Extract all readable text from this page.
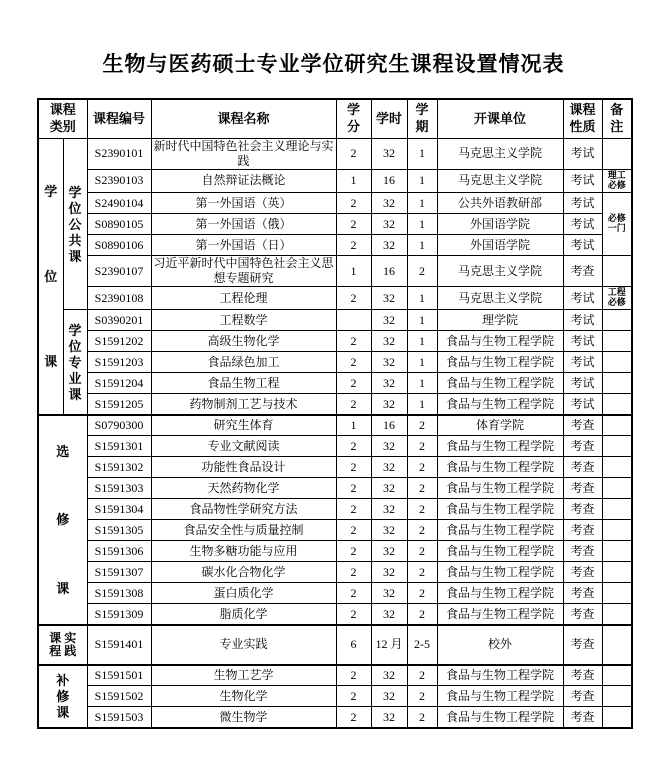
生物与医药硕士专业学位研究生课程设置情况表
课程类别		课程编号	课程名称	学分	学时	学期	开课单位	课程性质	备注

学
位
课	学
位
公
共
课	S2390101	新时代中国特色社会主义理论与实践	2	32	1	马克思主义学院	考试	
		S2390103	自然辩证法概论	1	16	1	马克思主义学院	考试	理工必修
		S2490104	第一外国语（英）	2	32	1	公共外语教研部	考试	必修一门
		S0890105	第一外国语（俄）	2	32	1	外国语学院	考试	
		S0890106	第一外国语（日）	2	32	1	外国语学院	考试	
		S2390107	习近平新时代中国特色社会主义思想专题研究	1	16	2	马克思主义学院	考查	
		S2390108	工程伦理	2	32	1	马克思主义学院	考试	工程必修

	学
位
专
业
课	S0390201	工程数学		32	1	理学院	考试	
		S1591202	高级生物化学	2	32	1	食品与生物工程学院	考试	
		S1591203	食品绿色加工	2	32	1	食品与生物工程学院	考试	
		S1591204	食品生物工程	2	32	1	食品与生物工程学院	考试	
		S1591205	药物制剂工艺与技术	2	32	1	食品与生物工程学院	考试	

选
修
课		S0790300	研究生体育	1	16	2	体育学院	考查	
		S1591301	专业文献阅读	2	32	2	食品与生物工程学院	考查	
		S1591302	功能性食品设计	2	32	2	食品与生物工程学院	考查	
		S1591303	天然药物化学	2	32	2	食品与生物工程学院	考查	
		S1591304	食品物性学研究方法	2	32	2	食品与生物工程学院	考查	
		S1591305	食品安全性与质量控制	2	32	2	食品与生物工程学院	考查	
		S1591306	生物多糖功能与应用	2	32	2	食品与生物工程学院	考查	
		S1591307	碳水化合物化学	2	32	2	食品与生物工程学院	考查	
		S1591308	蛋白质化学	2	32	2	食品与生物工程学院	考查	
		S1591309	脂质化学	2	32	2	食品与生物工程学院	考查	

课
程
实
践		S1591401	专业实践	6	12 月	2-5	校外	考查	

补
修
课		S1591501	生物工艺学	2	32	2	食品与生物工程学院	考查	
		S1591502	生物化学	2	32	2	食品与生物工程学院	考查	
		S1591503	微生物学	2	32	2	食品与生物工程学院	考查	
